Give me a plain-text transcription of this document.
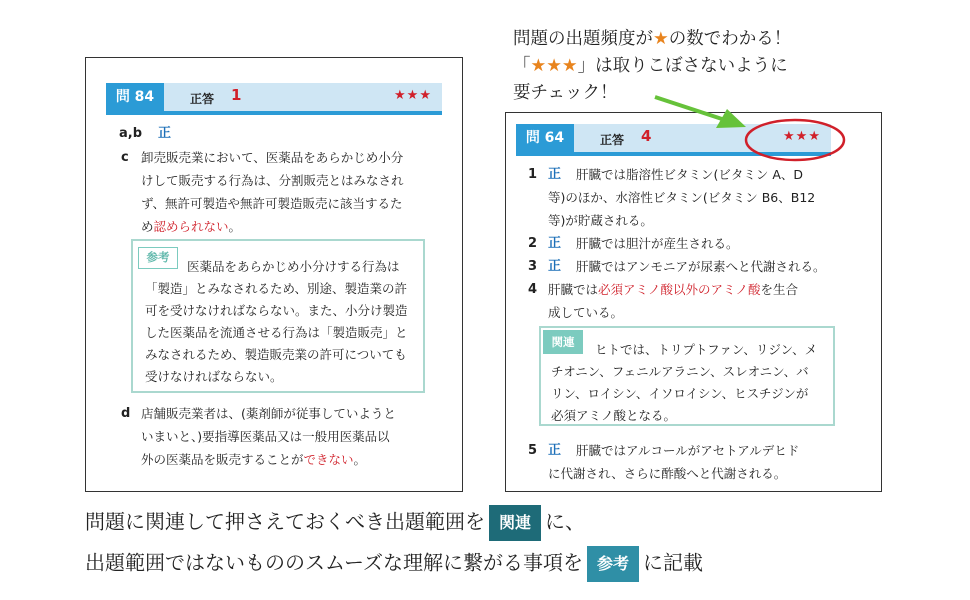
問題の出題頻度が★の数でわかる！
「★★★」は取りこぼさないように
要チェック！
問 84	正答 1	★★★
a,b 正
c 卸売販売業において、医薬品をあらかじめ小分
けして販売する行為は、分割販売とはみなされ
ず、無許可製造や無許可製造販売に該当するた
め認められない。
参考
医薬品をあらかじめ小分けする行為は
「製造」とみなされるため、別途、製造業の許
可を受けなければならない。また、小分け製造
した医薬品を流通させる行為は「製造販売」と
みなされるため、製造販売業の許可についても
受けなければならない。
d 店舗販売業者は、(薬剤師が従事していようと
いまいと、)要指導医薬品又は一般用医薬品以
外の医薬品を販売することができない。
問 64	正答 4	★★★
1 正 肝臓では脂溶性ビタミン(ビタミン A、D
等)のほか、水溶性ビタミン(ビタミン B6、B12
等)が貯蔵される。
2 正 肝臓では胆汁が産生される。
3 正 肝臓ではアンモニアが尿素へと代謝される。
4 肝臓では必須アミノ酸以外のアミノ酸を生合
成している。
関連	ヒトでは、トリプトファン、リジン、メ
チオニン、フェニルアラニン、スレオニン、バ
リン、ロイシン、イソロイシン、ヒスチジンが
必須アミノ酸となる。
5 正 肝臓ではアルコールがアセトアルデヒド
に代謝され、さらに酢酸へと代謝される。
問題に関連して押さえておくべき出題範囲を 関連 に、
出題範囲ではないもののスムーズな理解に繋がる事項を 参考 に記載
